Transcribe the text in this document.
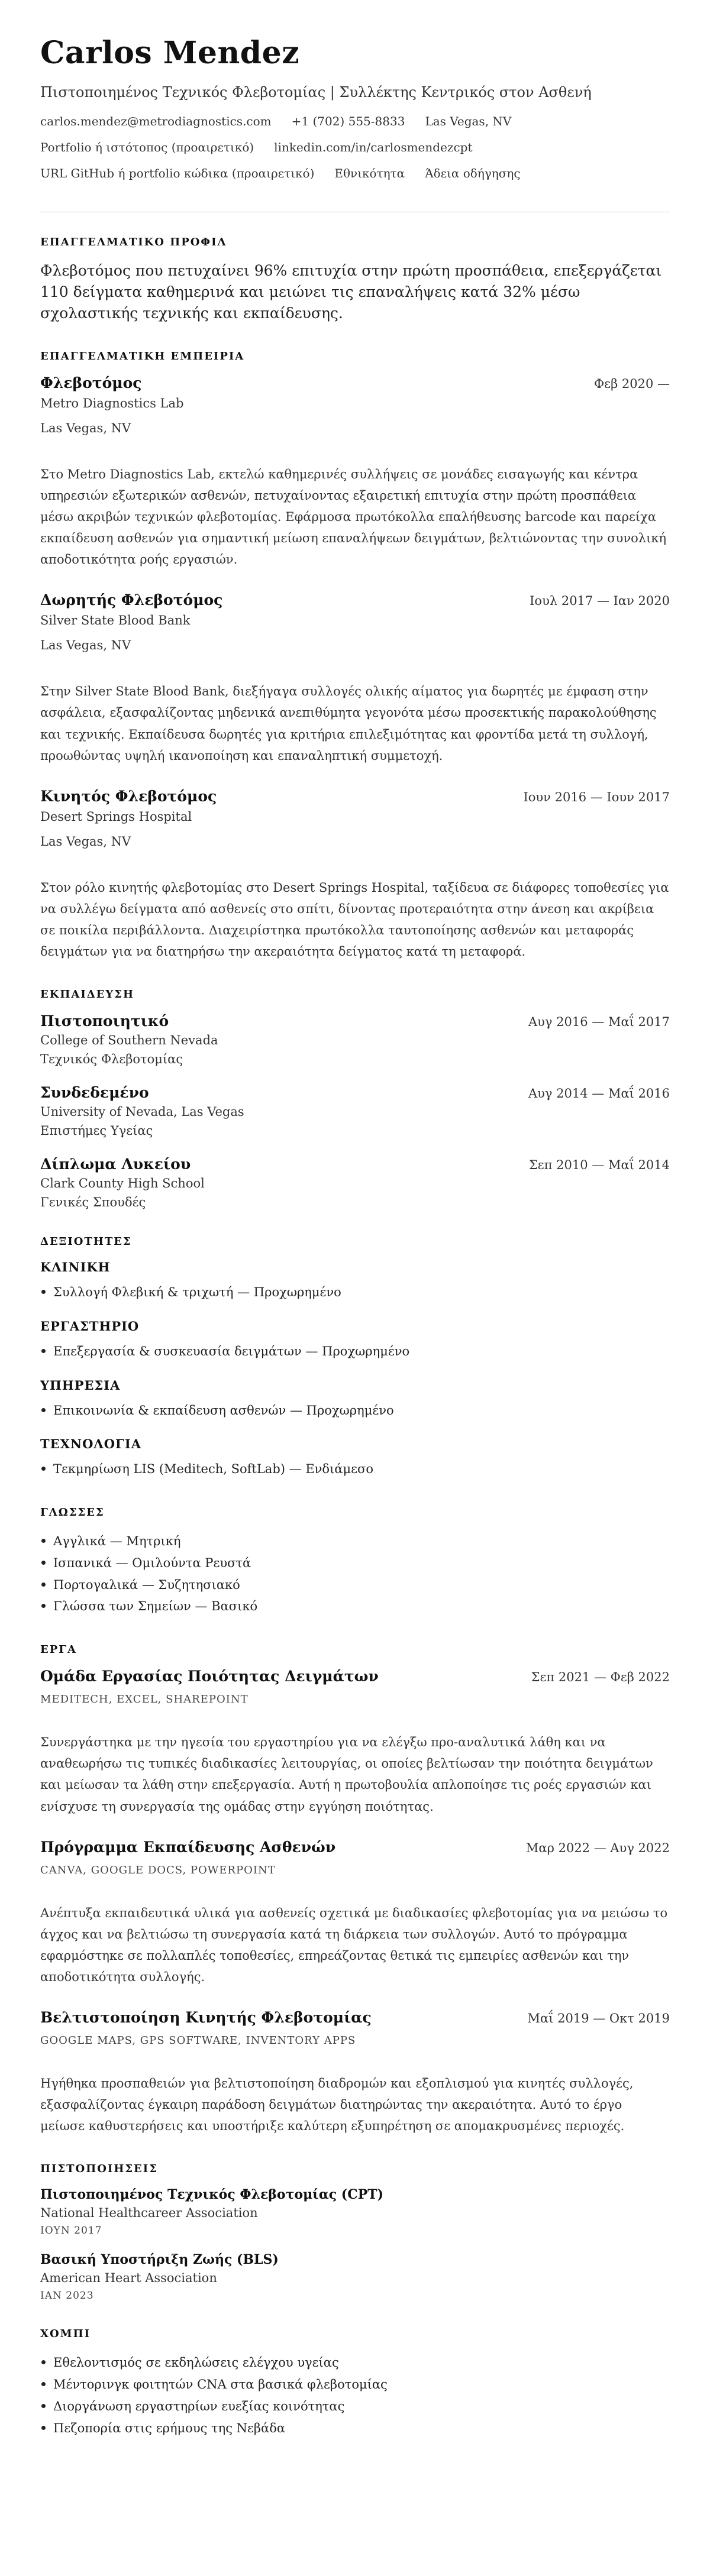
Carlos Mendez
Πιστοποιημένος Τεχνικός Φλεβοτομίας | Συλλέκτης Κεντρικός στον Ασθενή
carlos.mendez@metrodiagnostics.com +1 (702) 555-8833 Las Vegas, NV
Portfolio ή ιστότοπος (προαιρετικό) linkedin.com/in/carlosmendezcpt
URL GitHub ή portfolio κώδικα (προαιρετικό) Εθνικότητα Άδεια οδήγησης
ΕΠΑΓΓΕΛΜΑΤΙΚΟ ΠΡΟΦΙΛ

Φλεβοτόμος που πετυχαίνει 96% επιτυχία στην πρώτη προσπάθεια, επεξεργάζεται 110 δείγματα καθημερινά και μειώνει τις επαναλήψεις κατά 32% μέσω σχολαστικής τεχνικής και εκπαίδευσης.

ΕΠΑΓΓΕΛΜΑΤΙΚΗ ΕΜΠΕΙΡΙΑ
Φλεβοτόμος	Φεβ 2020 —
Metro Diagnostics Lab
Las Vegas, NV

Στο Metro Diagnostics Lab, εκτελώ καθημερινές συλλήψεις σε μονάδες εισαγωγής και κέντρα υπηρεσιών εξωτερικών ασθενών, πετυχαίνοντας εξαιρετική επιτυχία στην πρώτη προσπάθεια μέσω ακριβών τεχνικών φλεβοτομίας. Εφάρμοσα πρωτόκολλα επαλήθευσης barcode και παρείχα εκπαίδευση ασθενών για σημαντική μείωση επαναλήψεων δειγμάτων, βελτιώνοντας την συνολική αποδοτικότητα ροής εργασιών.

Δωρητής Φλεβοτόμος	Ιουλ 2017 — Ιαν 2020
Silver State Blood Bank
Las Vegas, NV

Στην Silver State Blood Bank, διεξήγαγα συλλογές ολικής αίματος για δωρητές με έμφαση στην ασφάλεια, εξασφαλίζοντας μηδενικά ανεπιθύμητα γεγονότα μέσω προσεκτικής παρακολούθησης και τεχνικής. Εκπαίδευσα δωρητές για κριτήρια επιλεξιμότητας και φροντίδα μετά τη συλλογή, προωθώντας υψηλή ικανοποίηση και επαναληπτική συμμετοχή.

Κινητός Φλεβοτόμος	Ιουν 2016 — Ιουν 2017
Desert Springs Hospital
Las Vegas, NV

Στον ρόλο κινητής φλεβοτομίας στο Desert Springs Hospital, ταξίδευα σε διάφορες τοποθεσίες για να συλλέγω δείγματα από ασθενείς στο σπίτι, δίνοντας προτεραιότητα στην άνεση και ακρίβεια σε ποικίλα περιβάλλοντα. Διαχειρίστηκα πρωτόκολλα ταυτοποίησης ασθενών και μεταφοράς δειγμάτων για να διατηρήσω την ακεραιότητα δείγματος κατά τη μεταφορά.

ΕΚΠΑΙΔΕΥΣΗ
Πιστοποιητικό	Αυγ 2016 — Μαΐ 2017
College of Southern Nevada
Τεχνικός Φλεβοτομίας
Συνδεδεμένο	Αυγ 2014 — Μαΐ 2016
University of Nevada, Las Vegas
Επιστήμες Υγείας
Δίπλωμα Λυκείου	Σεπ 2010 — Μαΐ 2014
Clark County High School
Γενικές Σπουδές
ΔΕΞΙΟΤΗΤΕΣ
ΚΛΙΝΙΚΗ
Συλλογή Φλεβική & τριχωτή — Προχωρημένο
ΕΡΓΑΣΤΗΡΙΟ
Επεξεργασία & συσκευασία δειγμάτων — Προχωρημένο
ΥΠΗΡΕΣΙΑ
Επικοινωνία & εκπαίδευση ασθενών — Προχωρημένο
ΤΕΧΝΟΛΟΓΙΑ
Τεκμηρίωση LIS (Meditech, SoftLab) — Ενδιάμεσο
ΓΛΩΣΣΕΣ
Αγγλικά — Μητρική
Ισπανικά — Ομιλούντα Ρευστά
Πορτογαλικά — Συζητησιακό
Γλώσσα των Σημείων — Βασικό
ΕΡΓΑ
Ομάδα Εργασίας Ποιότητας Δειγμάτων	Σεπ 2021 — Φεβ 2022
MEDITECH, EXCEL, SHAREPOINT

Συνεργάστηκα με την ηγεσία του εργαστηρίου για να ελέγξω προ-αναλυτικά λάθη και να αναθεωρήσω τις τυπικές διαδικασίες λειτουργίας, οι οποίες βελτίωσαν την ποιότητα δειγμάτων και μείωσαν τα λάθη στην επεξεργασία. Αυτή η πρωτοβουλία απλοποίησε τις ροές εργασιών και ενίσχυσε τη συνεργασία της ομάδας στην εγγύηση ποιότητας.

Πρόγραμμα Εκπαίδευσης Ασθενών	Μαρ 2022 — Αυγ 2022
CANVA, GOOGLE DOCS, POWERPOINT

Ανέπτυξα εκπαιδευτικά υλικά για ασθενείς σχετικά με διαδικασίες φλεβοτομίας για να μειώσω το άγχος και να βελτιώσω τη συνεργασία κατά τη διάρκεια των συλλογών. Αυτό το πρόγραμμα εφαρμόστηκε σε πολλαπλές τοποθεσίες, επηρεάζοντας θετικά τις εμπειρίες ασθενών και την αποδοτικότητα συλλογής.

Βελτιστοποίηση Κινητής Φλεβοτομίας	Μαΐ 2019 — Οκτ 2019
GOOGLE MAPS, GPS SOFTWARE, INVENTORY APPS

Ηγήθηκα προσπαθειών για βελτιστοποίηση διαδρομών και εξοπλισμού για κινητές συλλογές, εξασφαλίζοντας έγκαιρη παράδοση δειγμάτων διατηρώντας την ακεραιότητα. Αυτό το έργο μείωσε καθυστερήσεις και υποστήριξε καλύτερη εξυπηρέτηση σε απομακρυσμένες περιοχές.

ΠΙΣΤΟΠΟΙΗΣΕΙΣ
Πιστοποιημένος Τεχνικός Φλεβοτομίας (CPT)
National Healthcareer Association
ΙΟΥΝ 2017
Βασική Υποστήριξη Ζωής (BLS)
American Heart Association
ΙΑΝ 2023
ΧΟΜΠΙ
Εθελοντισμός σε εκδηλώσεις ελέγχου υγείας
Μέντορινγκ φοιτητών CNA στα βασικά φλεβοτομίας
Διοργάνωση εργαστηρίων ευεξίας κοινότητας
Πεζοπορία στις ερήμους της Νεβάδα
